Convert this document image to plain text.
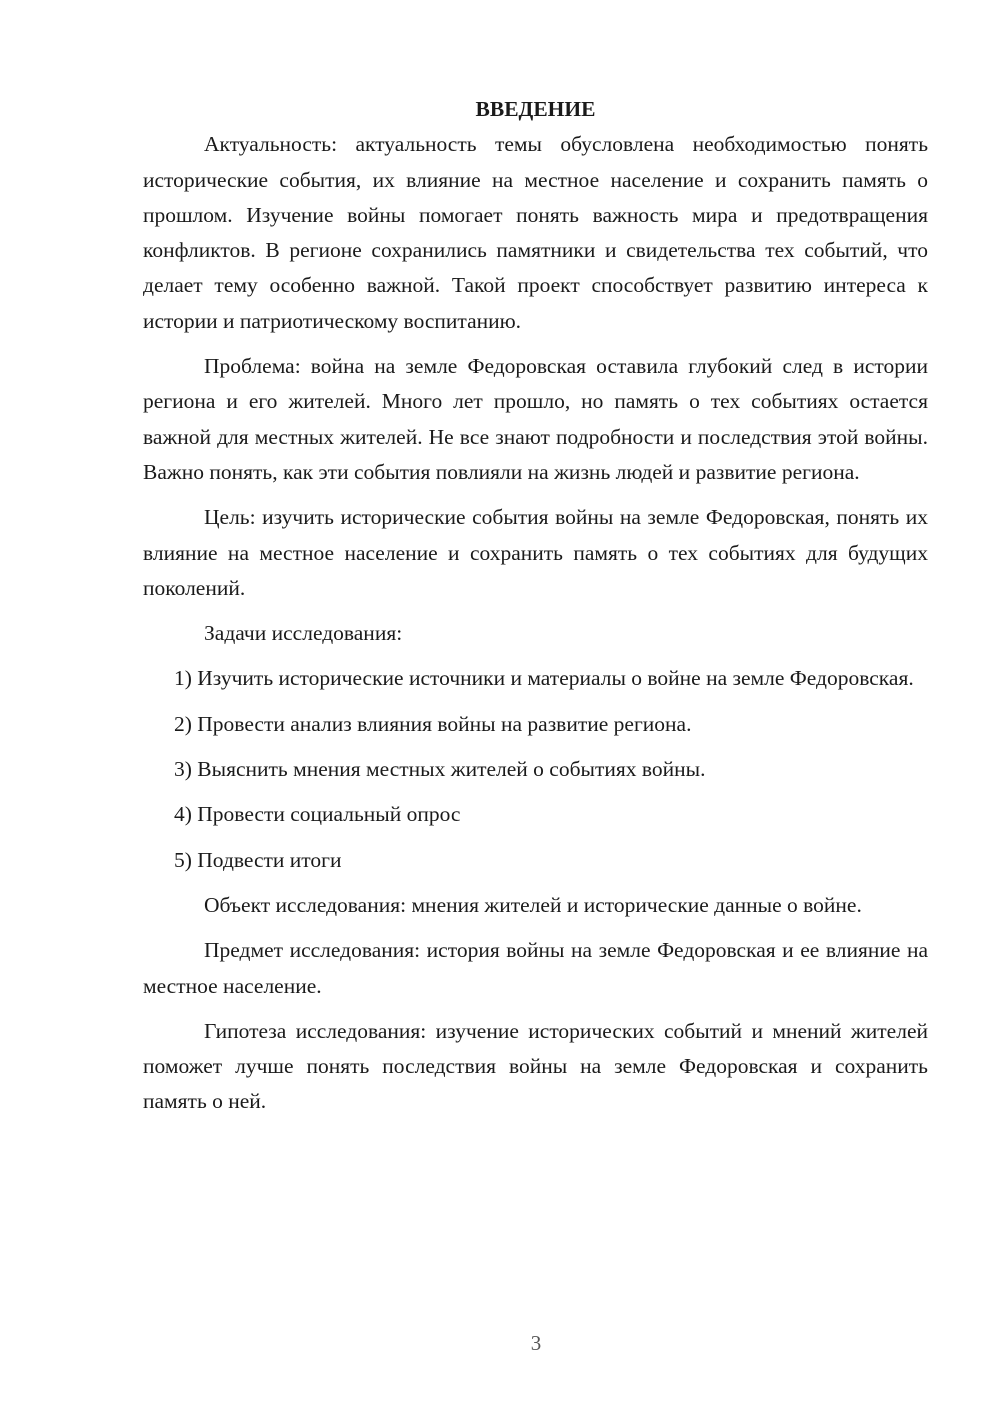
ВВЕДЕНИЕ

Актуальность: актуальность темы обусловлена необходимостью понять исторические события, их влияние на местное население и сохранить память о прошлом. Изучение войны помогает понять важность мира и предотвращения конфликтов. В регионе сохранились памятники и свидетельства тех событий, что делает тему особенно важной. Такой проект способствует развитию интереса к истории и патриотическому воспитанию.

Проблема: война на земле Федоровская оставила глубокий след в истории региона и его жителей. Много лет прошло, но память о тех событиях остается важной для местных жителей. Не все знают подробности и последствия этой войны. Важно понять, как эти события повлияли на жизнь людей и развитие региона.

Цель: изучить исторические события войны на земле Федоровская, понять их влияние на местное население и сохранить память о тех событиях для будущих поколений.

Задачи исследования:

1) Изучить исторические источники и материалы о войне на земле Федоровская.

2) Провести анализ влияния войны на развитие региона.

3) Выяснить мнения местных жителей о событиях войны.

4) Провести социальный опрос

5) Подвести итоги

Объект исследования: мнения жителей и исторические данные о войне.

Предмет исследования: история войны на земле Федоровская и ее влияние на местное население.

Гипотеза исследования: изучение исторических событий и мнений жителей поможет лучше понять последствия войны на земле Федоровская и сохранить память о ней.

3
